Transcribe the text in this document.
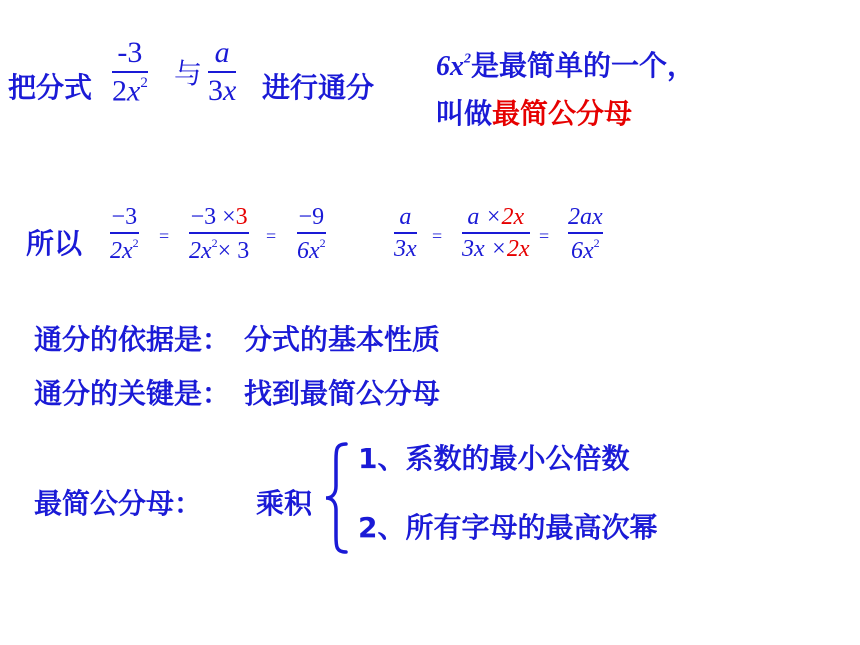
把分式
-3
$2x^2$ 与
a
3x 进行通分
$6x^2$是最简单的一个，
叫做最简公分母
所以
−3
$2x^2$ =
−3 ×3
$2x^2\times 3$
=
−9
$6x^2$
a
3x =
a ×2x
3x ×2x =
2ax
$6x^2$
通分的依据是： 分式的基本性质
通分的关键是： 找到最简公分母
最简公分母： 乘积
1、系数的最小公倍数
2、所有字母的最高次幂
